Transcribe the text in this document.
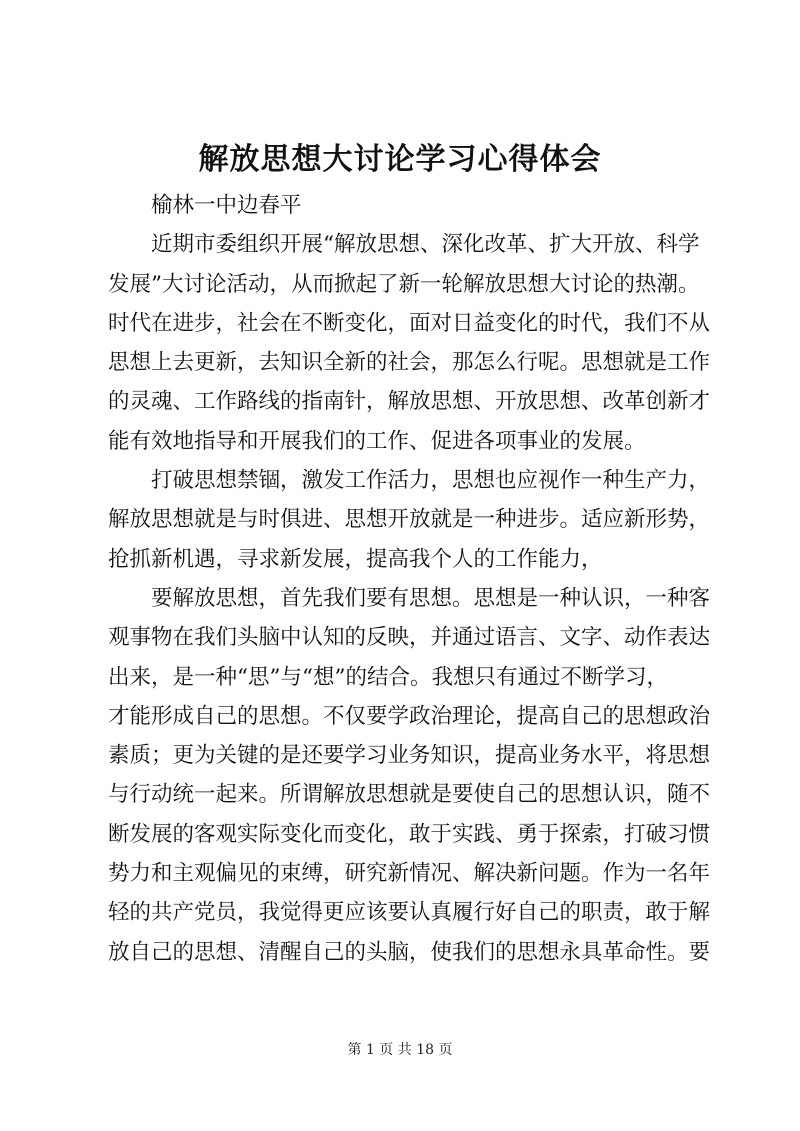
解放思想大讨论学习心得体会
榆林一中边春平
近期市委组织开展“解放思想、深化改革、扩大开放、科学
发展”大讨论活动，从而掀起了新一轮解放思想大讨论的热潮。
时代在进步，社会在不断变化，面对日益变化的时代，我们不从
思想上去更新，去知识全新的社会，那怎么行呢。思想就是工作
的灵魂、工作路线的指南针，解放思想、开放思想、改革创新才
能有效地指导和开展我们的工作、促进各项事业的发展。
打破思想禁锢，激发工作活力，思想也应视作一种生产力，
解放思想就是与时俱进、思想开放就是一种进步。适应新形势，
抢抓新机遇，寻求新发展，提高我个人的工作能力，
要解放思想，首先我们要有思想。思想是一种认识，一种客
观事物在我们头脑中认知的反映，并通过语言、文字、动作表达
出来，是一种“思”与“想”的结合。我想只有通过不断学习，
才能形成自己的思想。不仅要学政治理论，提高自己的思想政治
素质；更为关键的是还要学习业务知识，提高业务水平，将思想
与行动统一起来。所谓解放思想就是要使自己的思想认识，随不
断发展的客观实际变化而变化，敢于实践、勇于探索，打破习惯
势力和主观偏见的束缚，研究新情况、解决新问题。作为一名年
轻的共产党员，我觉得更应该要认真履行好自己的职责，敢于解
放自己的思想、清醒自己的头脑，使我们的思想永具革命性。要
第 1 页 共 18 页
